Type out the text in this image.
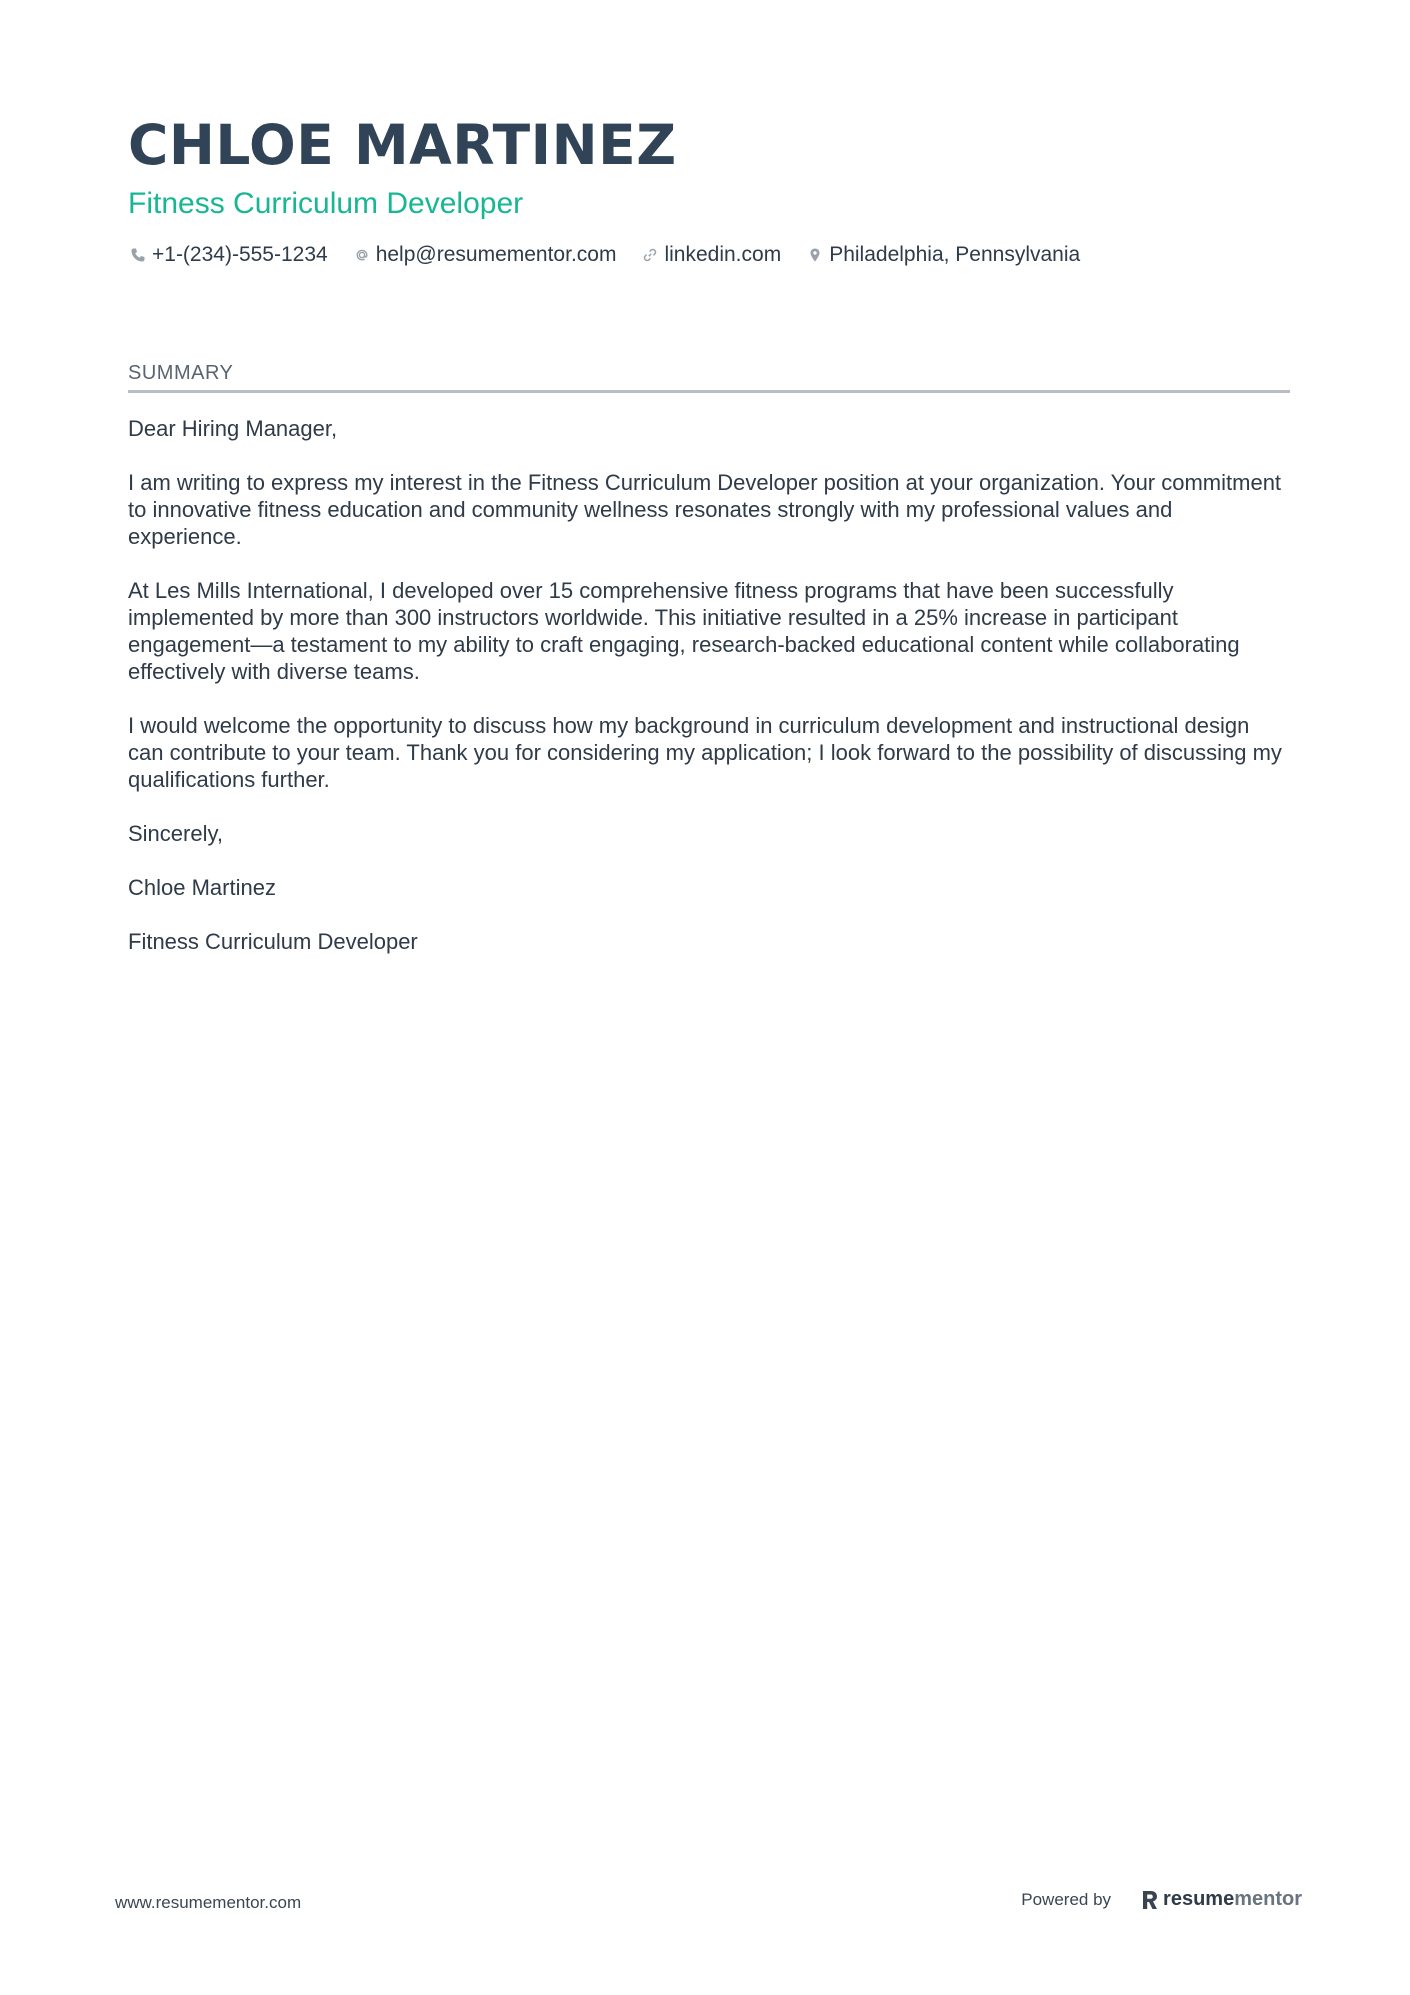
CHLOE MARTINEZ
Fitness Curriculum Developer
+1-(234)-555-1234 help@resumementor.com linkedin.com Philadelphia, Pennsylvania
SUMMARY

Dear Hiring Manager,

I am writing to express my interest in the Fitness Curriculum Developer position at your organization. Your commitment to innovative fitness education and community wellness resonates strongly with my professional values and experience.

At Les Mills International, I developed over 15 comprehensive fitness programs that have been successfully implemented by more than 300 instructors worldwide. This initiative resulted in a 25% increase in participant engagement—a testament to my ability to craft engaging, research-backed educational content while collaborating effectively with diverse teams.

I would welcome the opportunity to discuss how my background in curriculum development and instructional design can contribute to your team. Thank you for considering my application; I look forward to the possibility of discussing my qualifications further.

Sincerely,

Chloe Martinez

Fitness Curriculum Developer

www.resumementor.com	Powered by	resume mentor
